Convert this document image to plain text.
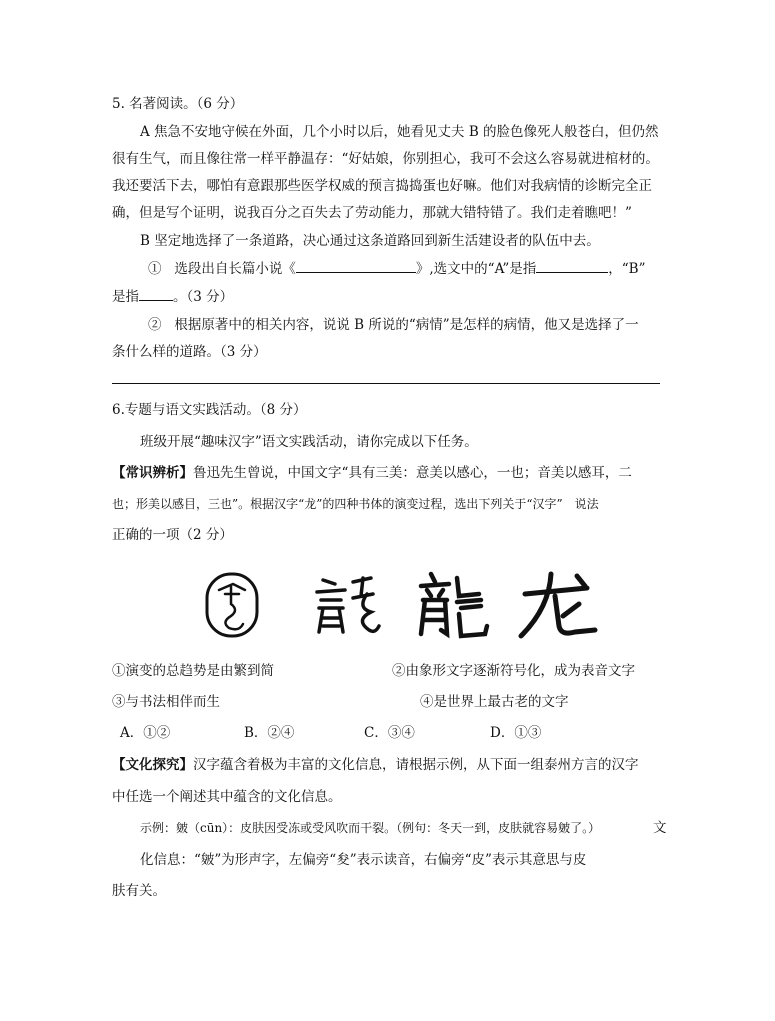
5. 名著阅读。（6 分）
A 焦急不安地守候在外面，几个小时以后，她看见丈夫 B 的脸色像死人般苍白，但仍然
很有生气，而且像往常一样平静温存：“好姑娘，你别担心，我可不会这么容易就进棺材的。
我还要活下去，哪怕有意跟那些医学权威的预言捣捣蛋也好嘛。他们对我病情的诊断完全正
确，但是写个证明，说我百分之百失去了劳动能力，那就大错特错了。我们走着瞧吧！”
B 坚定地选择了一条道路，决心通过这条道路回到新生活建设者的队伍中去。
① 选段出自长篇小说《	》,选文中的“A”是指	，“B”
是指	。（3 分）
② 根据原著中的相关内容，说说 B 所说的“病情”是怎样的病情，他又是选择了一
条什么样的道路。（3 分）
6.专题与语文实践活动。（8 分）
班级开展“趣味汉字”语文实践活动，请你完成以下任务。
【常识辨析】鲁迅先生曾说，中国文字“具有三美：意美以感心，一也；音美以感耳，二
也；形美以感目，三也”。根据汉字“龙”的四种书体的演变过程，选出下列关于“汉字”　说法
正确的一项（2 分）
①演变的总趋势是由繁到简	②由象形文字逐渐符号化，成为表音文字
③与书法相伴而生	④是世界上最古老的文字
A．①②	B．②④	C．③④	D．①③
【文化探究】汉字蕴含着极为丰富的文化信息，请根据示例，从下面一组泰州方言的汉字
中任选一个阐述其中蕴含的文化信息。
示例：皴（cūn）：皮肤因受冻或受风吹而干裂。（例句：冬天一到，皮肤就容易皴了。）	文
化信息：“皴”为形声字，左偏旁“夋”表示读音，右偏旁“皮”表示其意思与皮
肤有关。
